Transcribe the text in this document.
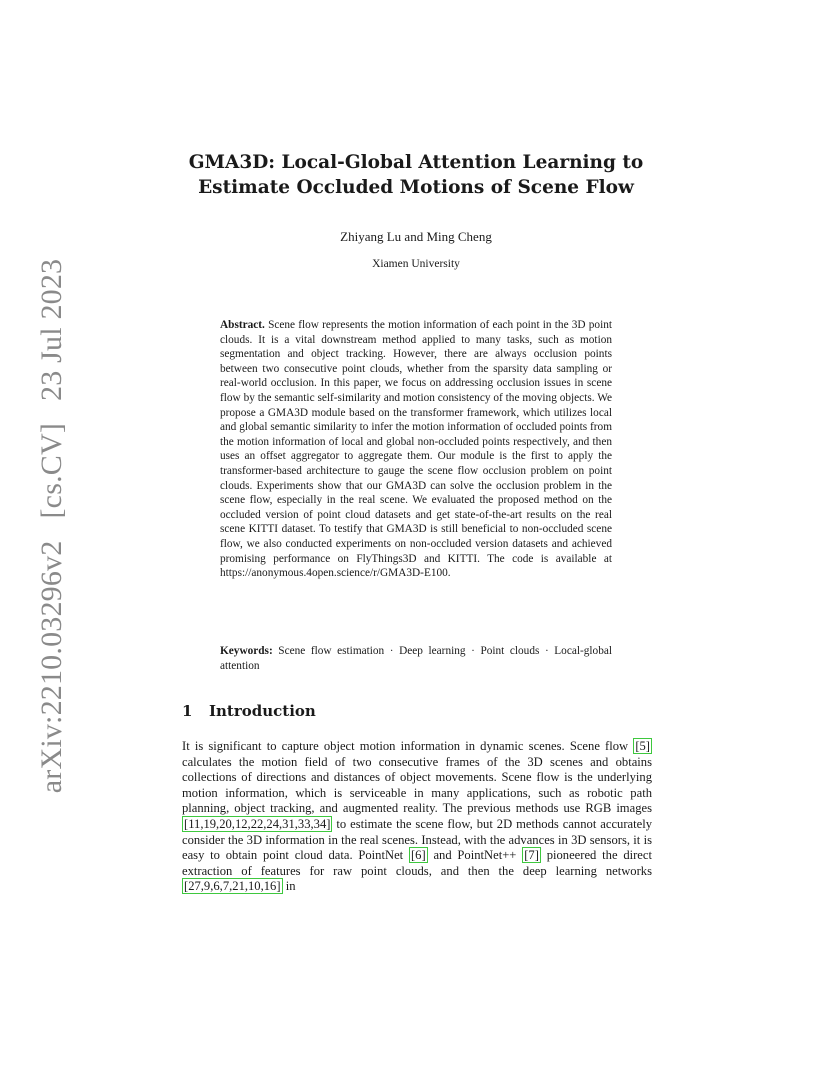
arXiv:2210.03296v2[cs.CV]23 Jul 2023
GMA3D: Local-Global Attention Learning to
Estimate Occluded Motions of Scene Flow
Zhiyang Lu and Ming Cheng
Xiamen University

Abstract. Scene flow represents the motion information of each point in the 3D point clouds. It is a vital downstream method applied to many tasks, such as motion segmentation and object tracking. However, there are always occlusion points between two consecutive point clouds, whether from the sparsity data sampling or real-world occlusion. In this paper, we focus on addressing occlusion issues in scene flow by the semantic self-similarity and motion consistency of the moving objects. We propose a GMA3D module based on the transformer framework, which utilizes local and global semantic similarity to infer the motion information of occluded points from the motion information of local and global non-occluded points respectively, and then uses an offset aggregator to aggregate them. Our module is the first to apply the transformer-based architecture to gauge the scene flow occlusion problem on point clouds. Experiments show that our GMA3D can solve the occlusion problem in the scene flow, especially in the real scene. We evaluated the proposed method on the occluded version of point cloud datasets and get state-of-the-art results on the real scene KITTI dataset. To testify that GMA3D is still beneficial to non-occluded scene flow, we also conducted experiments on non-occluded version datasets and achieved promising performance on FlyThings3D and KITTI. The code is available at https://anonymous.4open.science/r/GMA3D-E100.

Keywords: Scene flow estimation · Deep learning · Point clouds · Local-global attention

1 Introduction

It is significant to capture object motion information in dynamic scenes. Scene flow [5] calculates the motion field of two consecutive frames of the 3D scenes and obtains collections of directions and distances of object movements. Scene flow is the underlying motion information, which is serviceable in many applications, such as robotic path planning, object tracking, and augmented reality. The previous methods use RGB images [11,19,20,12,22,24,31,33,34] to estimate the scene flow, but 2D methods cannot accurately consider the 3D information in the real scenes. Instead, with the advances in 3D sensors, it is easy to obtain point cloud data. PointNet [6] and PointNet++ [7] pioneered the direct extraction of features for raw point clouds, and then the deep learning networks [27,9,6,7,21,10,16] in
